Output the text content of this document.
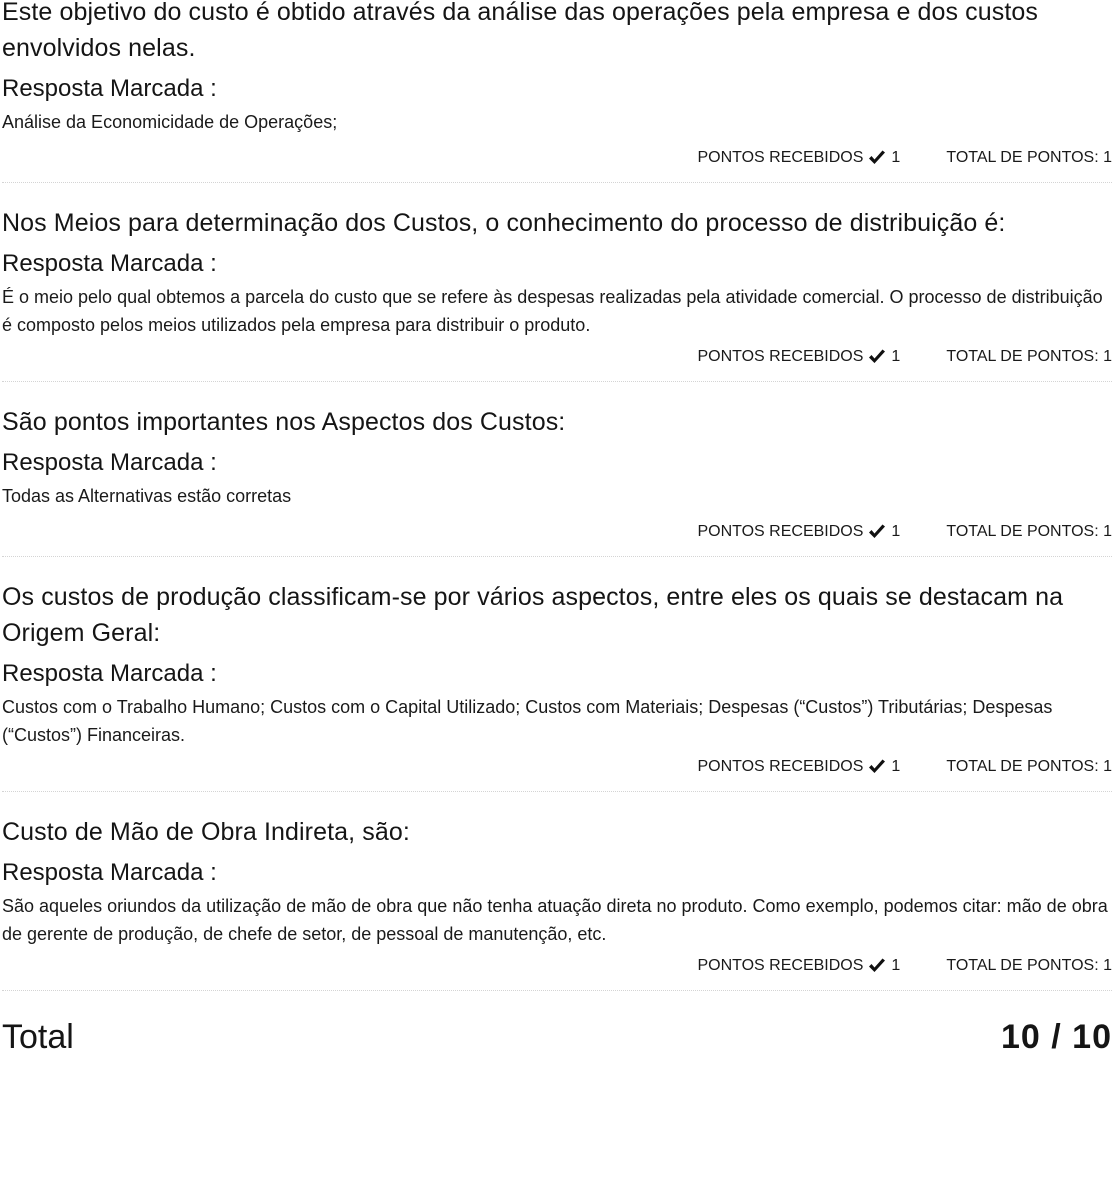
Este objetivo do custo é obtido através da análise das operações pela empresa e dos custos envolvidos nelas.

Resposta Marcada :
Análise da Economicidade de Operações;
PONTOS RECEBIDOS 1	TOTAL DE PONTOS: 1

Nos Meios para determinação dos Custos, o conhecimento do processo de distribuição é:

Resposta Marcada :
É o meio pelo qual obtemos a parcela do custo que se refere às despesas realizadas pela atividade comercial. O processo de distribuição é composto pelos meios utilizados pela empresa para distribuir o produto.
PONTOS RECEBIDOS 1	TOTAL DE PONTOS: 1

São pontos importantes nos Aspectos dos Custos:

Resposta Marcada :
Todas as Alternativas estão corretas
PONTOS RECEBIDOS 1	TOTAL DE PONTOS: 1

Os custos de produção classificam-se por vários aspectos, entre eles os quais se destacam na Origem Geral:

Resposta Marcada :
Custos com o Trabalho Humano; Custos com o Capital Utilizado; Custos com Materiais; Despesas (“Custos”) Tributárias; Despesas (“Custos”) Financeiras.
PONTOS RECEBIDOS 1	TOTAL DE PONTOS: 1

Custo de Mão de Obra Indireta, são:

Resposta Marcada :
São aqueles oriundos da utilização de mão de obra que não tenha atuação direta no produto. Como exemplo, podemos citar: mão de obra de gerente de produção, de chefe de setor, de pessoal de manutenção, etc.
PONTOS RECEBIDOS 1	TOTAL DE PONTOS: 1
Total	10 / 10
